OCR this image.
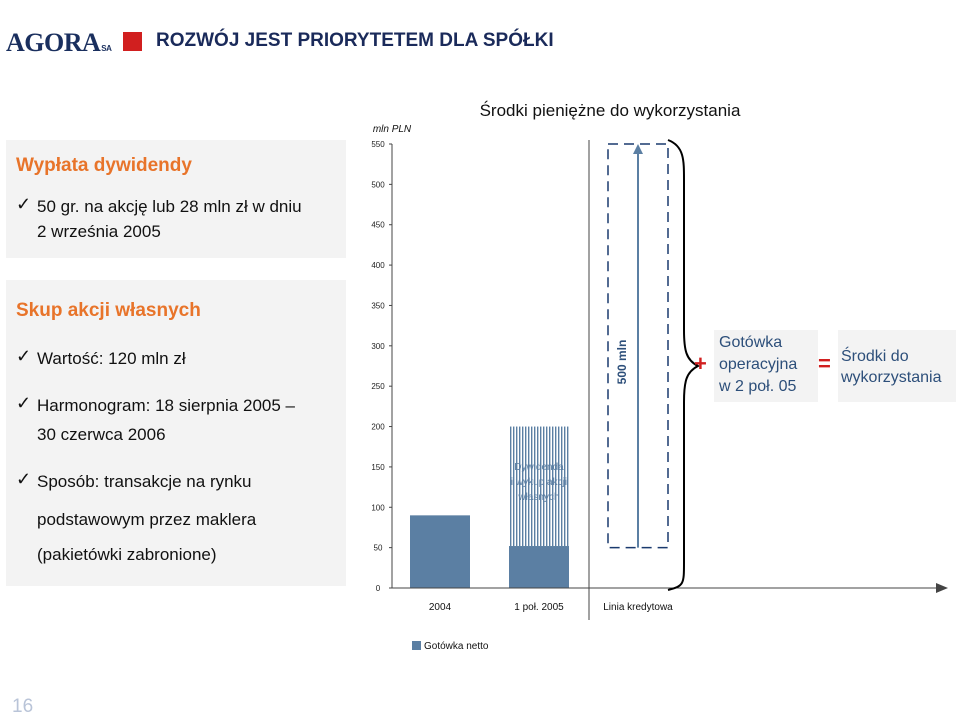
AGORASA ROZWÓJ JEST PRIORYTETEM DLA SPÓŁKI
Wypłata dywidendy
✓ 50 gr. na akcję lub 28 mln zł w dniu
2 września 2005
Skup akcji własnych
✓ Wartość: 120 mln zł
✓ Harmonogram: 18 sierpnia 2005 –
30 czerwca 2006
✓ Sposób: transakcje na rynku
podstawowym przez maklera
(pakietówki zabronione)
16
Środki pieniężne do wykorzystania
mln PLN
0
50
100
150
200
250
300
350
400
450
500
550
Dywidenda
i wykup akcji
własnych
2004	1 poł. 2005	Linia kredytowa
500 mln
Gotówka netto
+
Gotówka
operacyjna
w 2 poł. 05
= Środki do
wykorzystania
